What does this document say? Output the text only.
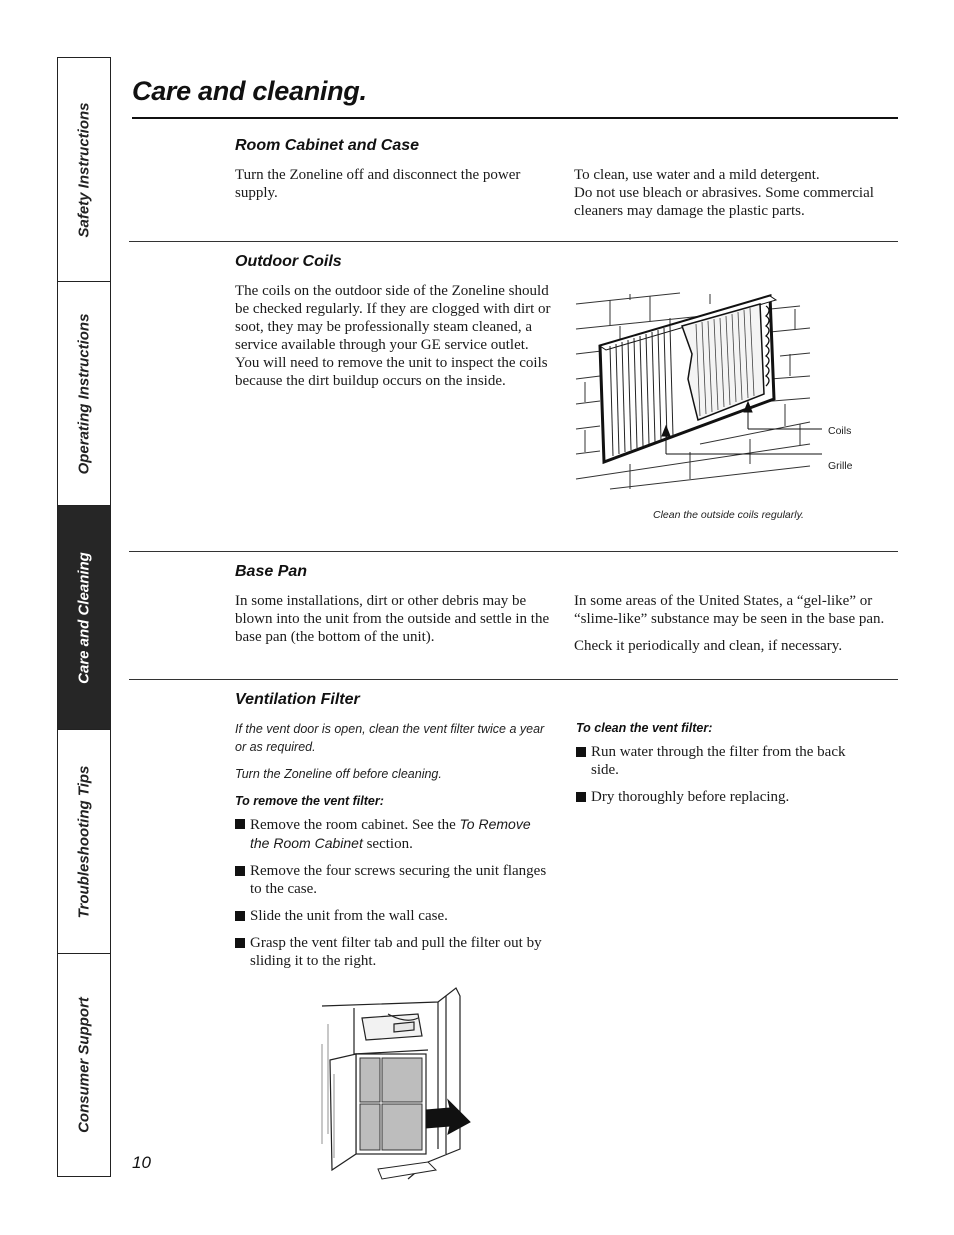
Safety Instructions
Operating Instructions
Care and Cleaning
Troubleshooting Tips
Consumer Support
Care and cleaning.
Room Cabinet and Case

Turn the Zoneline off and disconnect the power supply.

To clean, use water and a mild detergent.

Do not use bleach or abrasives. Some commercial cleaners may damage the plastic parts.

Outdoor Coils

The coils on the outdoor side of the Zoneline should be checked regularly. If they are clogged with dirt or soot, they may be professionally steam cleaned, a service available through your GE service outlet. You will need to remove the unit to inspect the coils because the dirt buildup occurs on the inside.

Coils
Grille
Clean the outside coils regularly.
Base Pan

In some installations, dirt or other debris may be blown into the unit from the outside and settle in the base pan (the bottom of the unit).

In some areas of the United States, a “gel-like” or “slime-like” substance may be seen in the base pan.

Check it periodically and clean, if necessary.

Ventilation Filter

If the vent door is open, clean the vent filter twice a year or as required.

Turn the Zoneline off before cleaning.

To remove the vent filter:

Remove the room cabinet. See the To Remove the Room Cabinet section.
Remove the four screws securing the unit flanges to the case.
Slide the unit from the wall case.
Grasp the vent filter tab and pull the filter out by sliding it to the right.

To clean the vent filter:

Run water through the filter from the back side.
Dry thoroughly before replacing.
10
